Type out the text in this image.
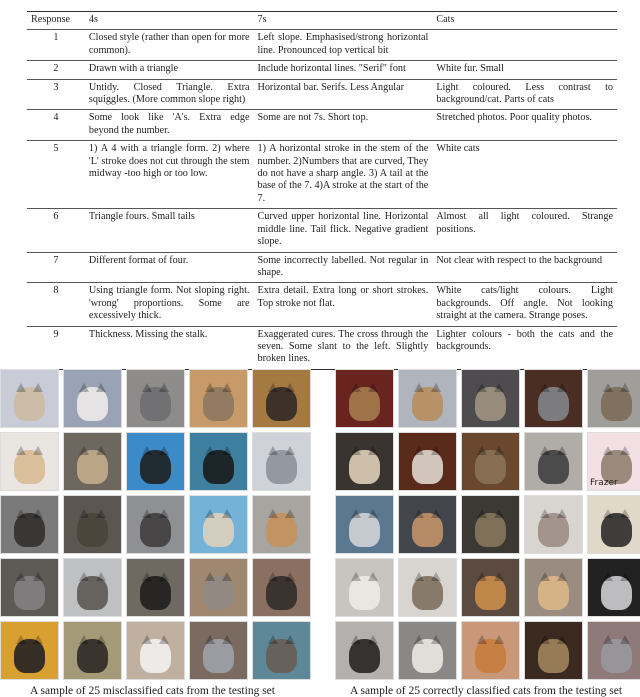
Response	4s	7s	Cats
1	Closed style (rather than open for more common).	Left slope. Emphasised/strong horizontal line. Pronounced top vertical bit	
2	Drawn with a triangle	Include horizontal lines. "Serif" font	White fur. Small
3	Untidy. Closed Triangle. Extra squiggles. (More common slope right)	Horizontal bar. Serifs. Less Angular	Light coloured. Less contrast to background/cat. Parts of cats
4	Some look like 'A's. Extra edge beyond the number.	Some are not 7s. Short top.	Stretched photos. Poor quality photos.
5	1) A 4 with a triangle form. 2) where 'L' stroke does not cut through the stem midway -too high or too low.	1) A horizontal stroke in the stem of the number. 2)Numbers that are curved, They do not have a sharp angle. 3) A tail at the base of the 7. 4)A stroke at the start of the 7.	White cats
6	Triangle fours. Small tails	Curved upper horizontal line. Horizontal middle line. Tail flick. Negative gradient slope.	Almost all light coloured. Strange positions.
7	Different format of four.	Some incorrectly labelled. Not regular in shape.	Not clear with respect to the background
8	Using triangle form. Not sloping right. 'wrong' proportions. Some are excessively thick.	Extra detail. Extra long or short strokes. Top stroke not flat.	White cats/light colours. Light backgrounds. Off angle. Not looking straight at the camera. Strange poses.
9	Thickness. Missing the stalk.	Exaggerated cures. The cross through the seven. Some slant to the left. Slightly broken lines.	Lighter colours - both the cats and the backgrounds.
Frazer
A sample of 25 misclassified cats from the testing set	A sample of 25 correctly classified cats from the testing set
